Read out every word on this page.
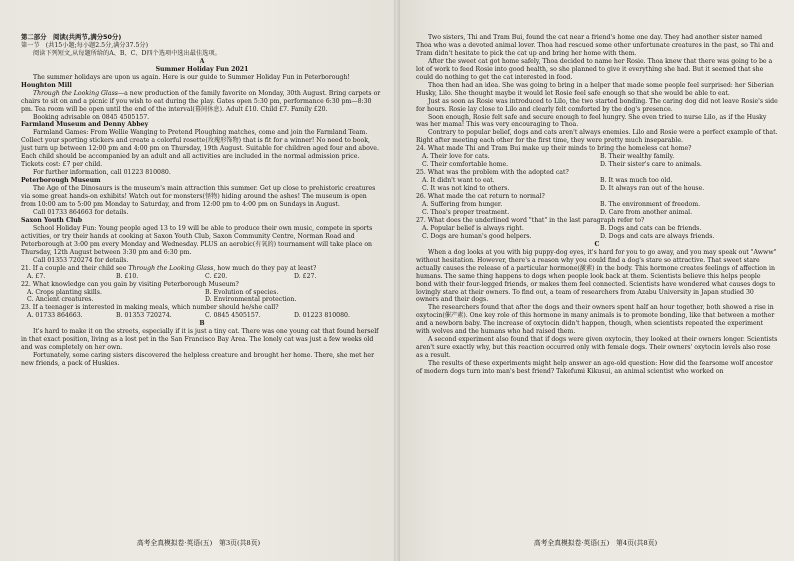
第二部分　阅读(共两节,满分50分)
第一节　(共15小题;每小题2.5分,满分37.5分)
阅读下列短文,从每题所给的A、B、C、D四个选项中选出最佳选项。
A
Summer Holiday Fun 2021
The summer holidays are upon us again. Here is our guide to Summer Holiday Fun in Peterborough!
Houghton Mill

Through the Looking Glass—a new production of the family favorite on Monday, 30th August. Bring carpets or chairs to sit on and a picnic if you wish to eat during the play. Gates open 5:30 pm, performance 6:30 pm—8:30 pm. Tea room will be open until the end of the interval(幕间休息). Adult £10. Child £7. Family £20.

Booking advisable on 0845 4505157.
Farmland Museum and Denny Abbey

Farmland Games: From Wellie Wanging to Pretend Ploughing matches, come and join the Farmland Team. Collect your sporting stickers and create a colorful rosette(玫瑰形饰物) that is fit for a winner! No need to book, just turn up between 12:00 pm and 4:00 pm on Thursday, 19th August. Suitable for children aged four and above. Each child should be accompanied by an adult and all activities are included in the normal admission price. Tickets cost: £7 per child.

For further information, call 01223 810080.
Peterborough Museum

The Age of the Dinosaurs is the museum's main attraction this summer. Get up close to prehistoric creatures via some great hands-on exhibits! Watch out for monsters(怪物) hiding around the ashes! The museum is open from 10:00 am to 5:00 pm Monday to Saturday, and from 12:00 pm to 4:00 pm on Sundays in August.

Call 01733 864663 for details.
Saxon Youth Club

School Holiday Fun: Young people aged 13 to 19 will be able to produce their own music, compete in sports activities, or try their hands at cooking at Saxon Youth Club, Saxon Community Centre, Norman Road and Peterborough at 3:00 pm every Monday and Wednesday. PLUS an aerobic(有氧的) tournament will take place on Thursday, 12th August between 3:30 pm and 6:30 pm.

Call 01353 720274 for details.
21. If a couple and their child see Through the Looking Glass, how much do they pay at least?
A. £7.	B. £10.	C. £20.	D. £27.
22. What knowledge can you gain by visiting Peterborough Museum?
A. Crops planting skills.	B. Evolution of species.
C. Ancient creatures.	D. Environmental protection.
23. If a teenager is interested in making meals, which number should he/she call?
A. 01733 864663.	B. 01353 720274.	C. 0845 4505157.	D. 01223 810080.
B

It's hard to make it on the streets, especially if it is just a tiny cat. There was one young cat that found herself in that exact position, living as a lost pet in the San Francisco Bay Area. The lonely cat was just a few weeks old and was completely on her own.

Fortunately, some caring sisters discovered the helpless creature and brought her home. There, she met her new friends, a pack of Huskies.

高考全真模拟卷·英语(五)　第3页(共8页)

Two sisters, Thi and Tram Bui, found the cat near a friend's home one day. They had another sister named Thoa who was a devoted animal lover. Thoa had rescued some other unfortunate creatures in the past, so Thi and Tram didn't hesitate to pick the cat up and bring her home with them.

After the sweet cat got home safely, Thoa decided to name her Rosie. Thoa knew that there was going to be a lot of work to feed Rosie into good health, so she planned to give it everything she had. But it seemed that she could do nothing to get the cat interested in food.

Thoa then had an idea. She was going to bring in a helper that made some people feel surprised: her Siberian Husky, Lilo. She thought maybe it would let Rosie feel safe enough so that she would be able to eat.

Just as soon as Rosie was introduced to Lilo, the two started bonding. The caring dog did not leave Rosie's side for hours. Rosie lay close to Lilo and clearly felt comforted by the dog's presence.

Soon enough, Rosie felt safe and secure enough to feel hungry. She even tried to nurse Lilo, as if the Husky was her mama! This was very encouraging to Thoa.

Contrary to popular belief, dogs and cats aren't always enemies. Lilo and Rosie were a perfect example of that. Right after meeting each other for the first time, they were pretty much inseparable.

24. What made Thi and Tram Bui make up their minds to bring the homeless cat home?
A. Their love for cats.	B. Their wealthy family.
C. Their comfortable home.	D. Their sister's care to animals.
25. What was the problem with the adopted cat?
A. It didn't want to eat.	B. It was much too old.
C. It was not kind to others.	D. It always ran out of the house.
26. What made the cat return to normal?
A. Suffering from hunger.	B. The environment of freedom.
C. Thoa's proper treatment.	D. Care from another animal.
27. What does the underlined word "that" in the last paragraph refer to?
A. Popular belief is always right.	B. Dogs and cats can be friends.
C. Dogs are human's good helpers.	D. Dogs and cats are always friends.
C

When a dog looks at you with big puppy-dog eyes, it's hard for you to go away, and you may speak out "Awww" without hesitation. However, there's a reason why you could find a dog's stare so attractive. That sweet stare actually causes the release of a particular hormone(激素) in the body. This hormone creates feelings of affection in humans. The same thing happens to dogs when people look back at them. Scientists believe this helps people bond with their four-legged friends, or makes them feel connected. Scientists have wondered what causes dogs to lovingly stare at their owners. To find out, a team of researchers from Azabu University in Japan studied 30 owners and their dogs.

The researchers found that after the dogs and their owners spent half an hour together, both showed a rise in oxytocin(催产素). One key role of this hormone in many animals is to promote bonding, like that between a mother and a newborn baby. The increase of oxytocin didn't happen, though, when scientists repeated the experiment with wolves and the humans who had raised them.

A second experiment also found that if dogs were given oxytocin, they looked at their owners longer. Scientists aren't sure exactly why, but this reaction occurred only with female dogs. Their owners' oxytocin levels also rose as a result.

The results of these experiments might help answer an age-old question: How did the fearsome wolf ancestor of modern dogs turn into man's best friend? Takefumi Kikusui, an animal scientist who worked on

高考全真模拟卷·英语(五)　第4页(共8页)
